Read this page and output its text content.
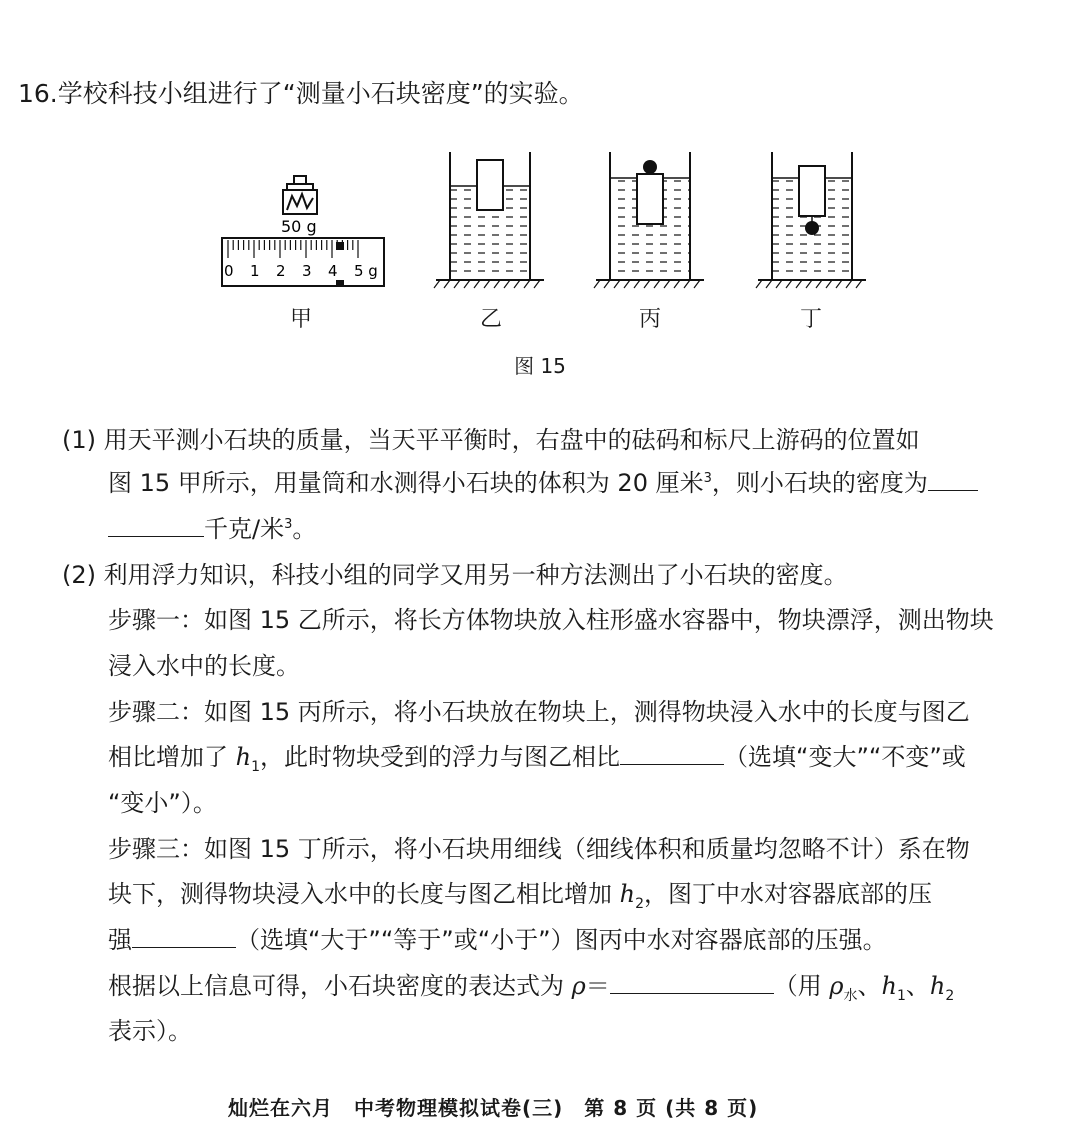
16.学校科技小组进行了“测量小石块密度”的实验。
50 g
0 1 2 3 4 5 g
甲	乙	丙	丁
图 15
(1) 用天平测小石块的质量，当天平平衡时，右盘中的砝码和标尺上游码的位置如
图 15 甲所示，用量筒和水测得小石块的体积为 20 厘米$^3$，则小石块的密度为
千克/米$^3$。
(2) 利用浮力知识，科技小组的同学又用另一种方法测出了小石块的密度。
步骤一：如图 15 乙所示，将长方体物块放入柱形盛水容器中，物块漂浮，测出物块
浸入水中的长度。
步骤二：如图 15 丙所示，将小石块放在物块上，测得物块浸入水中的长度与图乙
相比增加了 $h_1$，此时物块受到的浮力与图乙相比	（选填“变大”“不变”或
“变小”）。
步骤三：如图 15 丁所示，将小石块用细线（细线体积和质量均忽略不计）系在物
块下，测得物块浸入水中的长度与图乙相比增加 $h_2$，图丁中水对容器底部的压
强	（选填“大于”“等于”或“小于”）图丙中水对容器底部的压强。
根据以上信息可得，小石块密度的表达式为 ρ＝	（用 $\rho_水$、$h_1$、$h_2$
表示）。
灿烂在六月　中考物理模拟试卷(三)　第 8 页 (共 8 页)
